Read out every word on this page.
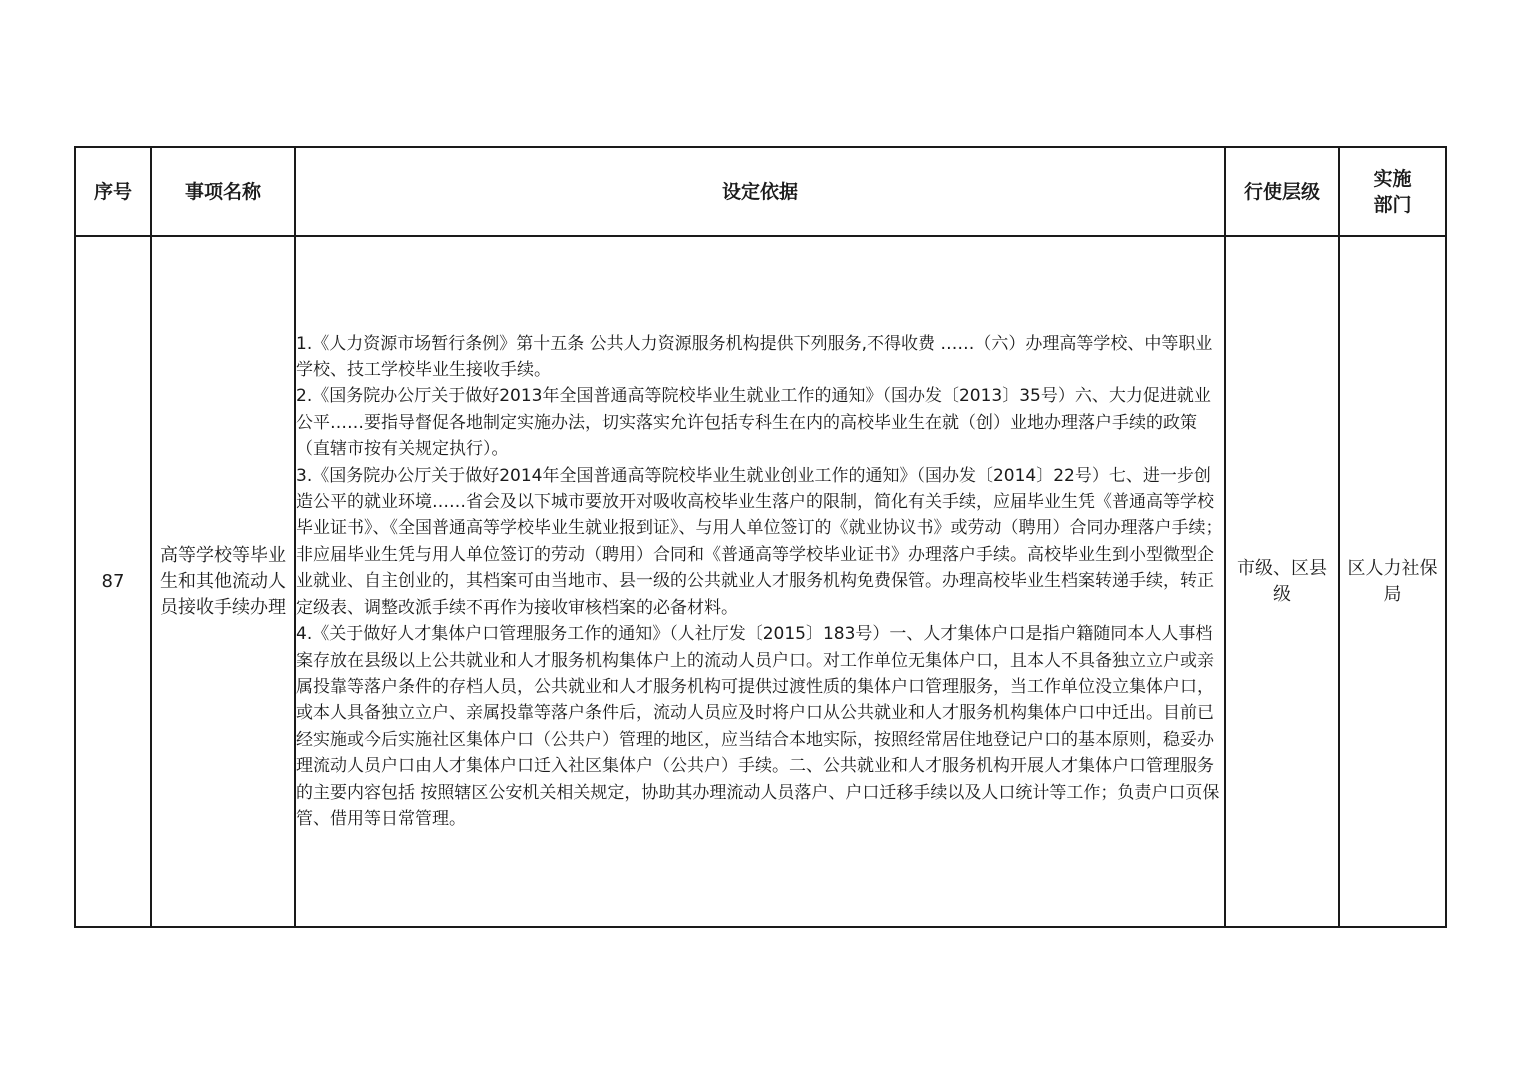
序号	事项名称	设定依据	行使层级	实施
部门

87	高等学校等毕业生和其他流动人员接收手续办理	1.《人力资源市场暂行条例》第十五条 公共人力资源服务机构提供下列服务,不得收费 ……（六）办理高等学校、中等职业学校、技工学校毕业生接收手续。
2.《国务院办公厅关于做好2013年全国普通高等院校毕业生就业工作的通知》（国办发〔2013〕35号）六、大力促进就业公平……要指导督促各地制定实施办法，切实落实允许包括专科生在内的高校毕业生在就（创）业地办理落户手续的政策（直辖市按有关规定执行）。
3.《国务院办公厅关于做好2014年全国普通高等院校毕业生就业创业工作的通知》（国办发〔2014〕22号）七、进一步创造公平的就业环境……省会及以下城市要放开对吸收高校毕业生落户的限制，简化有关手续，应届毕业生凭《普通高等学校毕业证书》、《全国普通高等学校毕业生就业报到证》、与用人单位签订的《就业协议书》或劳动（聘用）合同办理落户手续；非应届毕业生凭与用人单位签订的劳动（聘用）合同和《普通高等学校毕业证书》办理落户手续。高校毕业生到小型微型企业就业、自主创业的，其档案可由当地市、县一级的公共就业人才服务机构免费保管。办理高校毕业生档案转递手续，转正定级表、调整改派手续不再作为接收审核档案的必备材料。
4.《关于做好人才集体户口管理服务工作的通知》（人社厅发〔2015〕183号）一、人才集体户口是指户籍随同本人人事档案存放在县级以上公共就业和人才服务机构集体户上的流动人员户口。对工作单位无集体户口，且本人不具备独立立户或亲属投靠等落户条件的存档人员，公共就业和人才服务机构可提供过渡性质的集体户口管理服务，当工作单位没立集体户口，或本人具备独立立户、亲属投靠等落户条件后，流动人员应及时将户口从公共就业和人才服务机构集体户口中迁出。目前已经实施或今后实施社区集体户口（公共户）管理的地区，应当结合本地实际，按照经常居住地登记户口的基本原则，稳妥办理流动人员户口由人才集体户口迁入社区集体户（公共户）手续。二、公共就业和人才服务机构开展人才集体户口管理服务的主要内容包括 按照辖区公安机关相关规定，协助其办理流动人员落户、户口迁移手续以及人口统计等工作；负责户口页保管、借用等日常管理。	市级、区县级	区人力社保局
